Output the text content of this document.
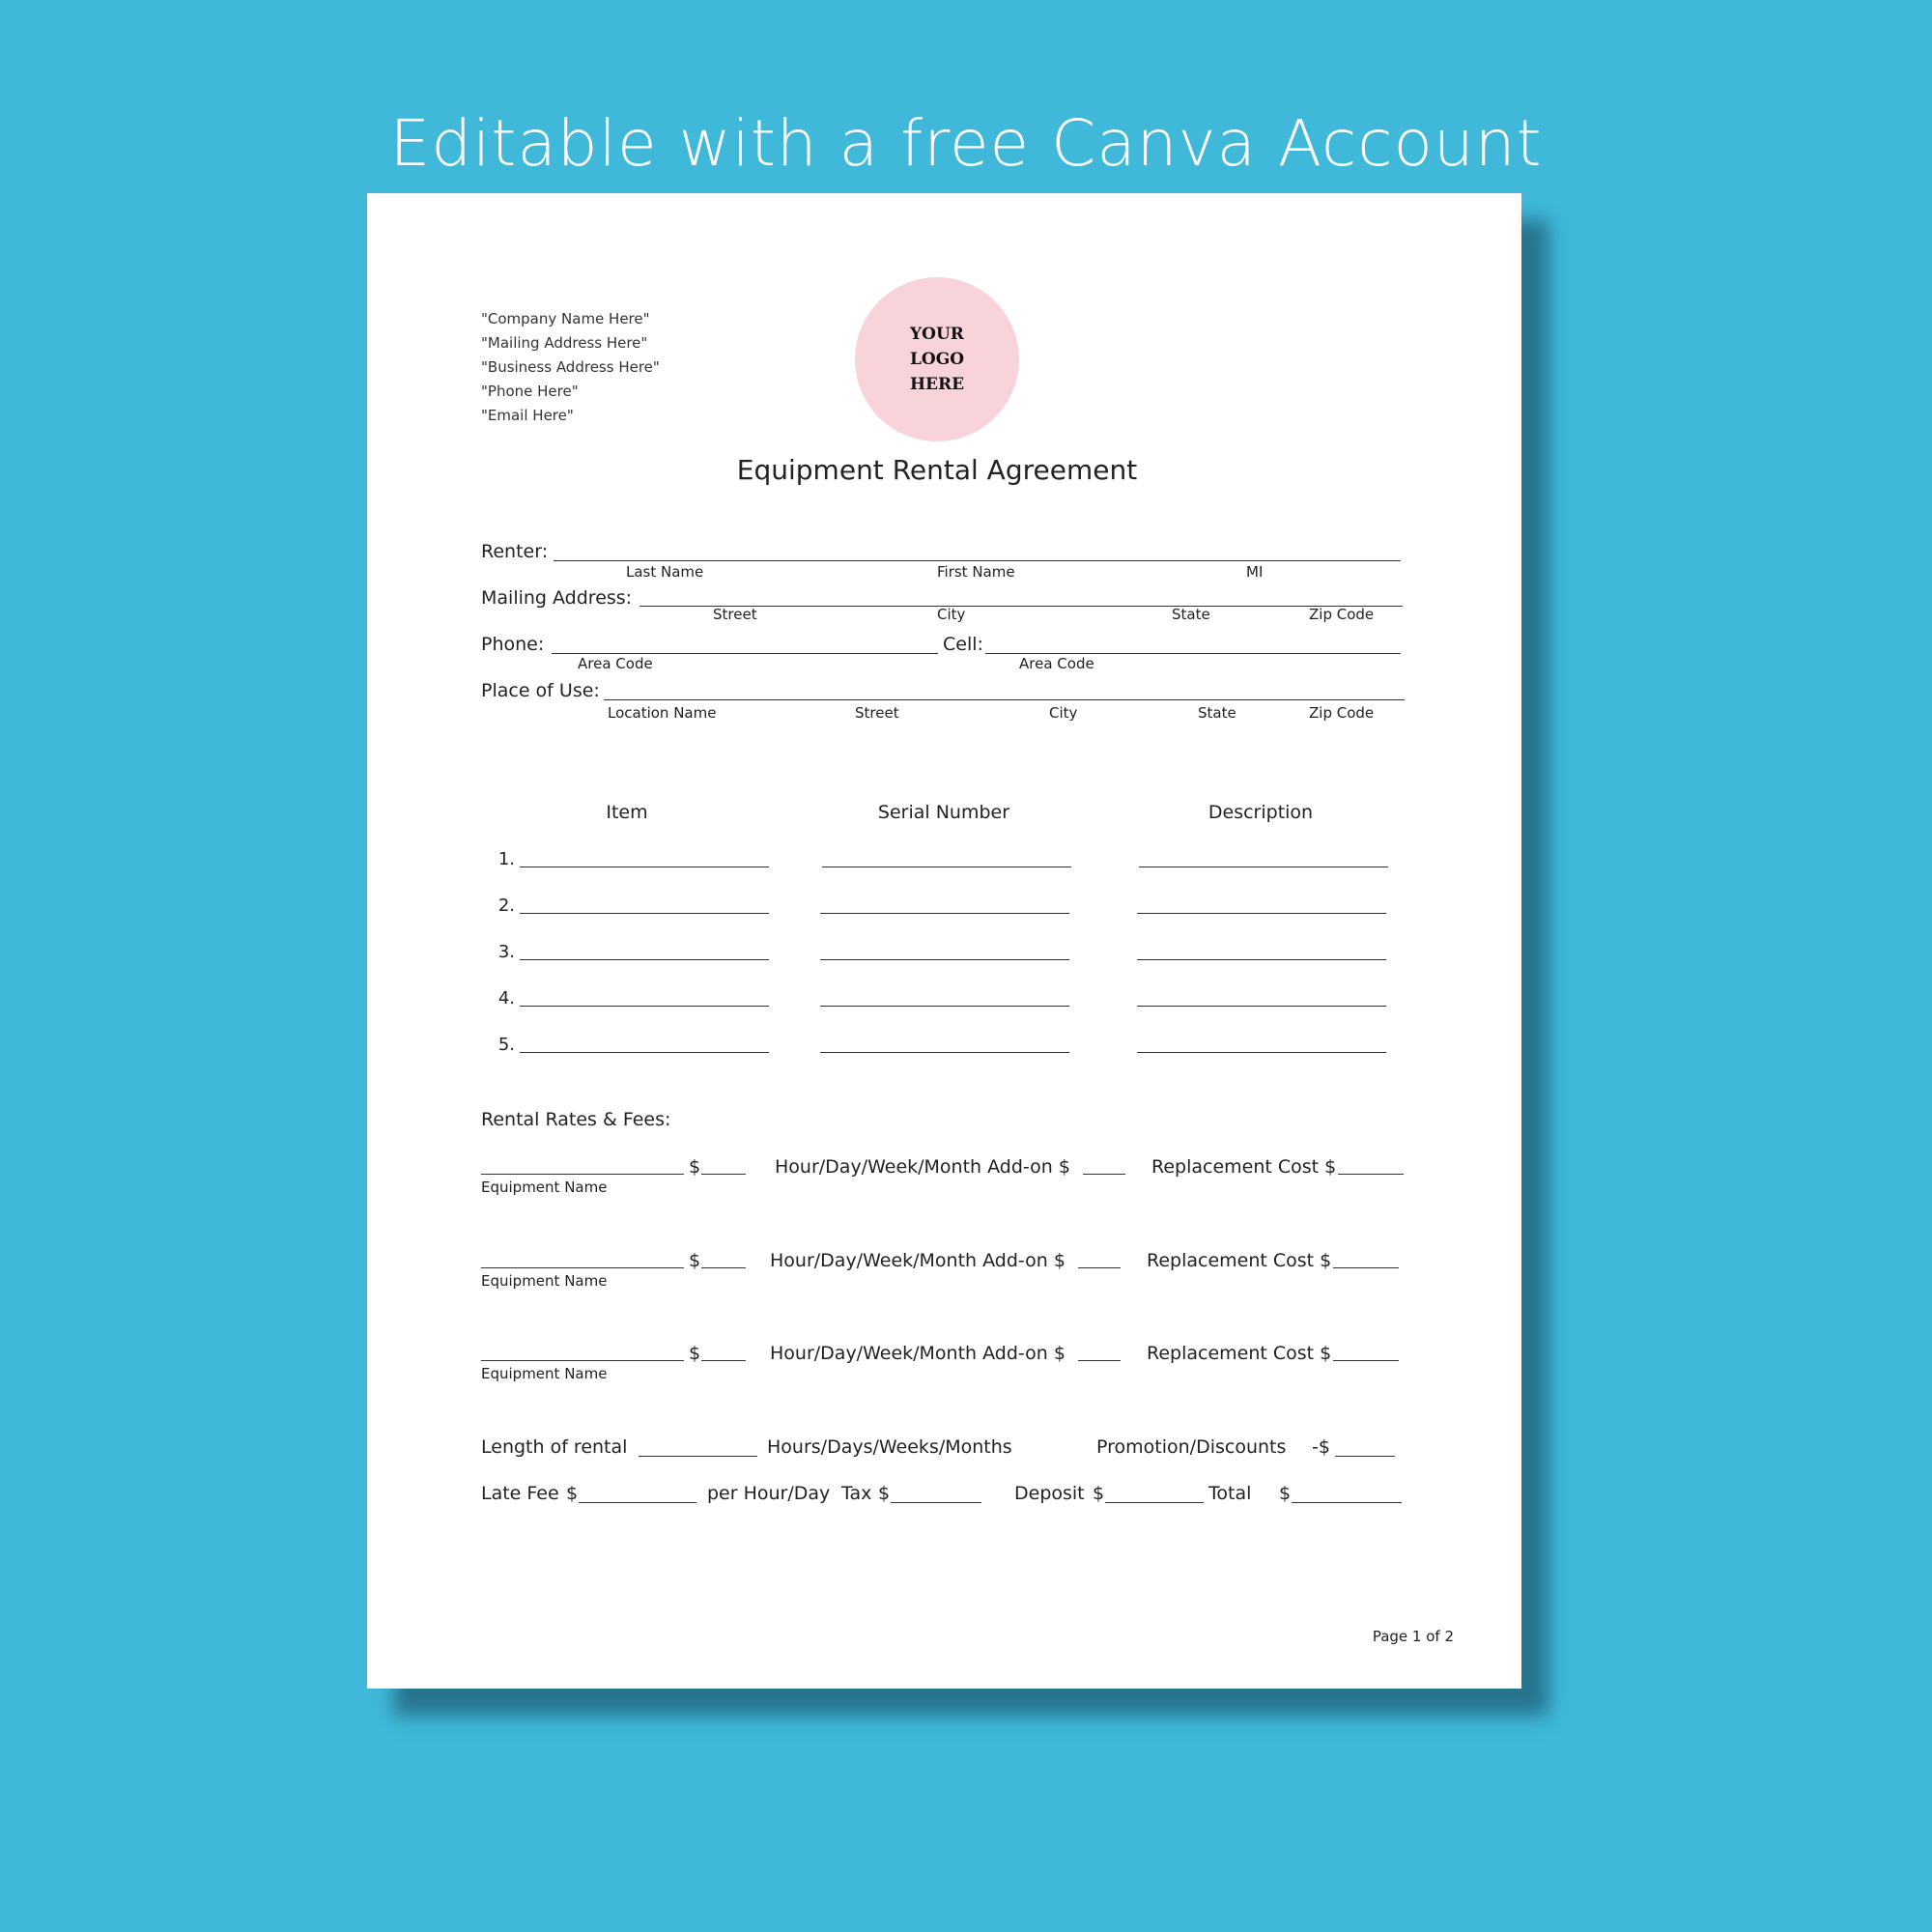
Editable with a free Canva Account
"Company Name Here"
"Mailing Address Here"
"Business Address Here"
"Phone Here"
"Email Here"
YOUR
LOGO
HERE
Equipment Rental Agreement
Renter:
Last Name	First Name	MI
Mailing Address:
Street	City	State	Zip Code
Phone:	Cell:
Area Code	Area Code
Place of Use:
Location Name	Street	City	State	Zip Code
Item	Serial Number	Description
1.
2.
3.
4.
5.
Rental Rates & Fees:
$	Hour/Day/Week/Month Add-on $	Replacement Cost $
Equipment Name
$	Hour/Day/Week/Month Add-on $	Replacement Cost $
Equipment Name
$	Hour/Day/Week/Month Add-on $	Replacement Cost $
Equipment Name
Length of rental	Hours/Days/Weeks/Months	Promotion/Discounts -$
Late Fee $	per Hour/Day Tax $	Deposit $	Total $
Page 1 of 2
